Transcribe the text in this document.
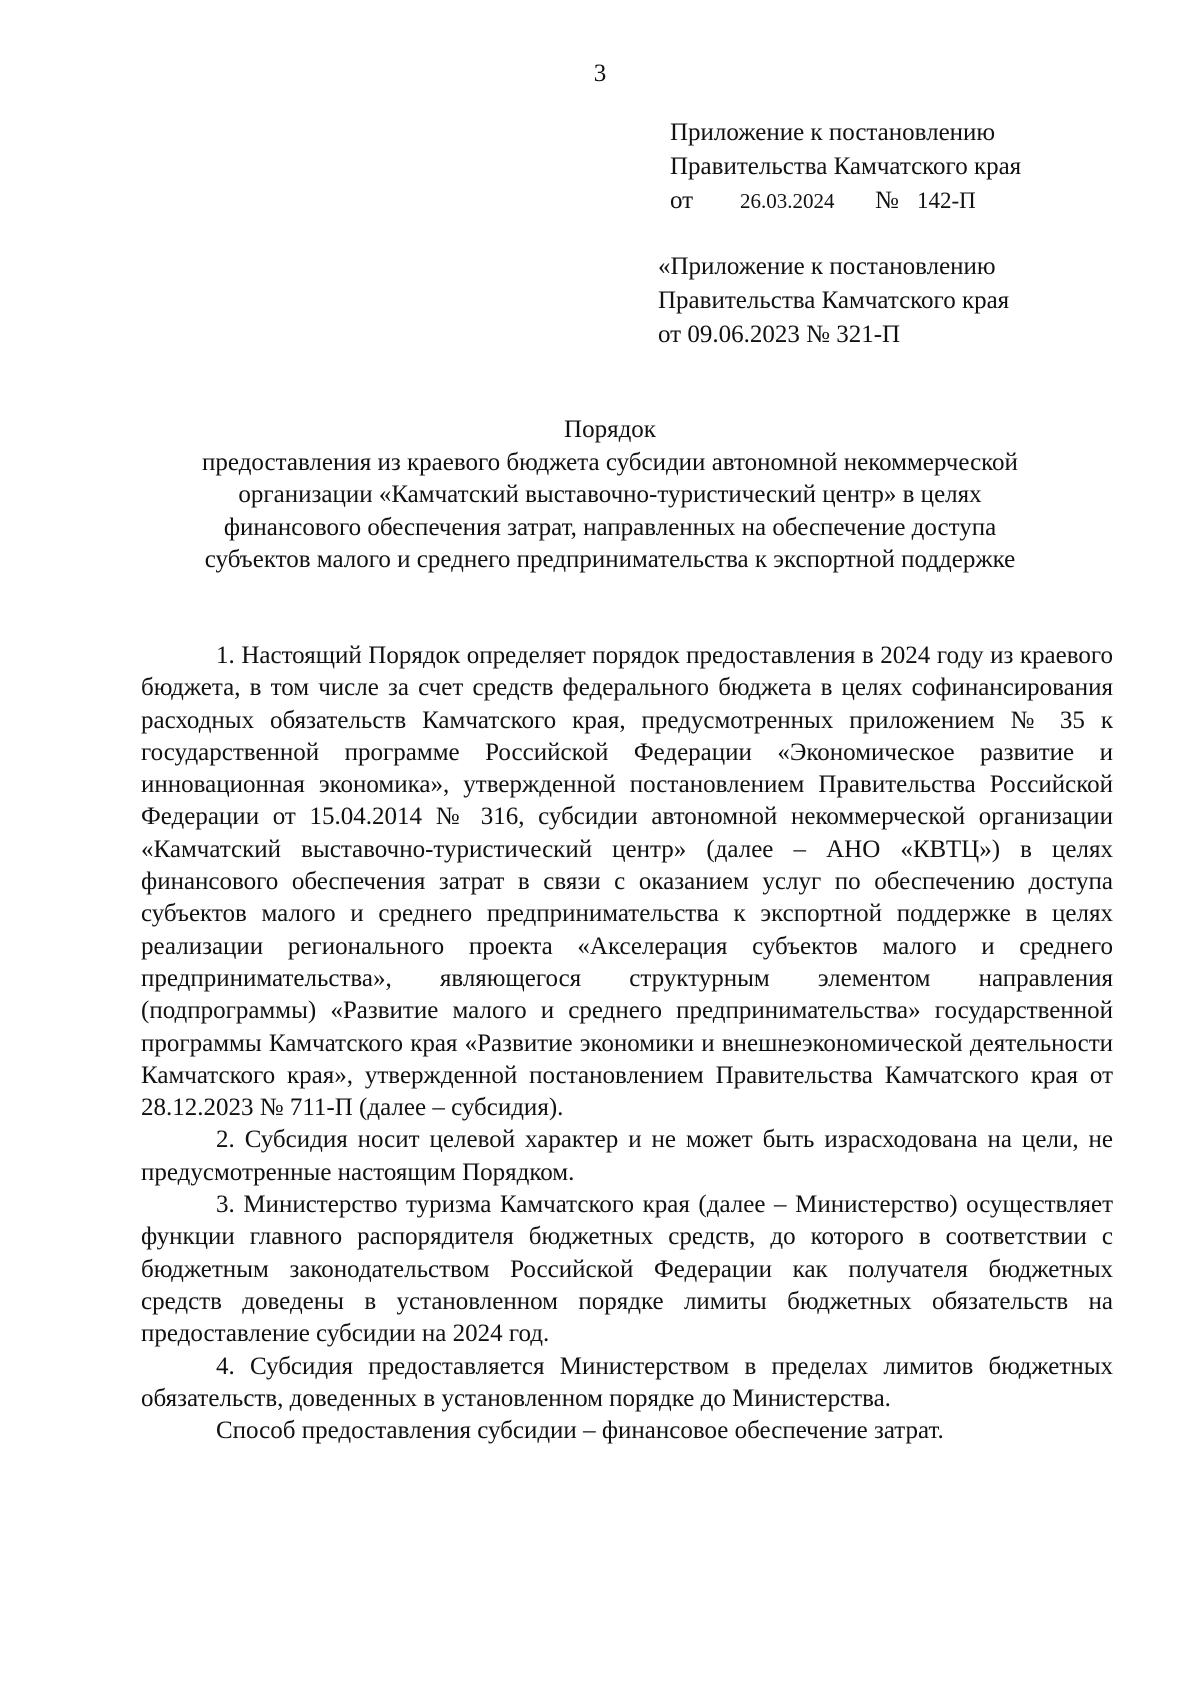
3
Приложение к постановлению
Правительства Камчатского края
от 26.03.2024 № 142-П
«Приложение к постановлению
Правительства Камчатского края
от 09.06.2023 № 321-П
Порядок
предоставления из краевого бюджета субсидии автономной некоммерческой
организации «Камчатский выставочно-туристический центр» в целях
финансового обеспечения затрат, направленных на обеспечение доступа
субъектов малого и среднего предпринимательства к экспортной поддержке

1. Настоящий Порядок определяет порядок предоставления в 2024 году из краевого бюджета, в том числе за счет средств федерального бюджета в целях софинансирования расходных обязательств Камчатского края, предусмотренных приложением № 35 к государственной программе Российской Федерации «Экономическое развитие и инновационная экономика», утвержденной постановлением Правительства Российской Федерации от 15.04.2014 № 316, субсидии автономной некоммерческой организации «Камчатский выставочно-туристический центр» (далее – АНО «КВТЦ») в целях финансового обеспечения затрат в связи с оказанием услуг по обеспечению доступа субъектов малого и среднего предпринимательства к экспортной поддержке в целях реализации регионального проекта «Акселерация субъектов малого и среднего предпринимательства», являющегося структурным элементом направления (подпрограммы) «Развитие малого и среднего предпринимательства» государственной программы Камчатского края «Развитие экономики и внешнеэкономической деятельности Камчатского края», утвержденной постановлением Правительства Камчатского края от 28.12.2023 № 711-П (далее – субсидия).

2. Субсидия носит целевой характер и не может быть израсходована на цели, не предусмотренные настоящим Порядком.

3. Министерство туризма Камчатского края (далее – Министерство) осуществляет функции главного распорядителя бюджетных средств, до которого в соответствии с бюджетным законодательством Российской Федерации как получателя бюджетных средств доведены в установленном порядке лимиты бюджетных обязательств на предоставление субсидии на 2024 год.

4. Субсидия предоставляется Министерством в пределах лимитов бюджетных обязательств, доведенных в установленном порядке до Министерства.

Способ предоставления субсидии – финансовое обеспечение затрат.
